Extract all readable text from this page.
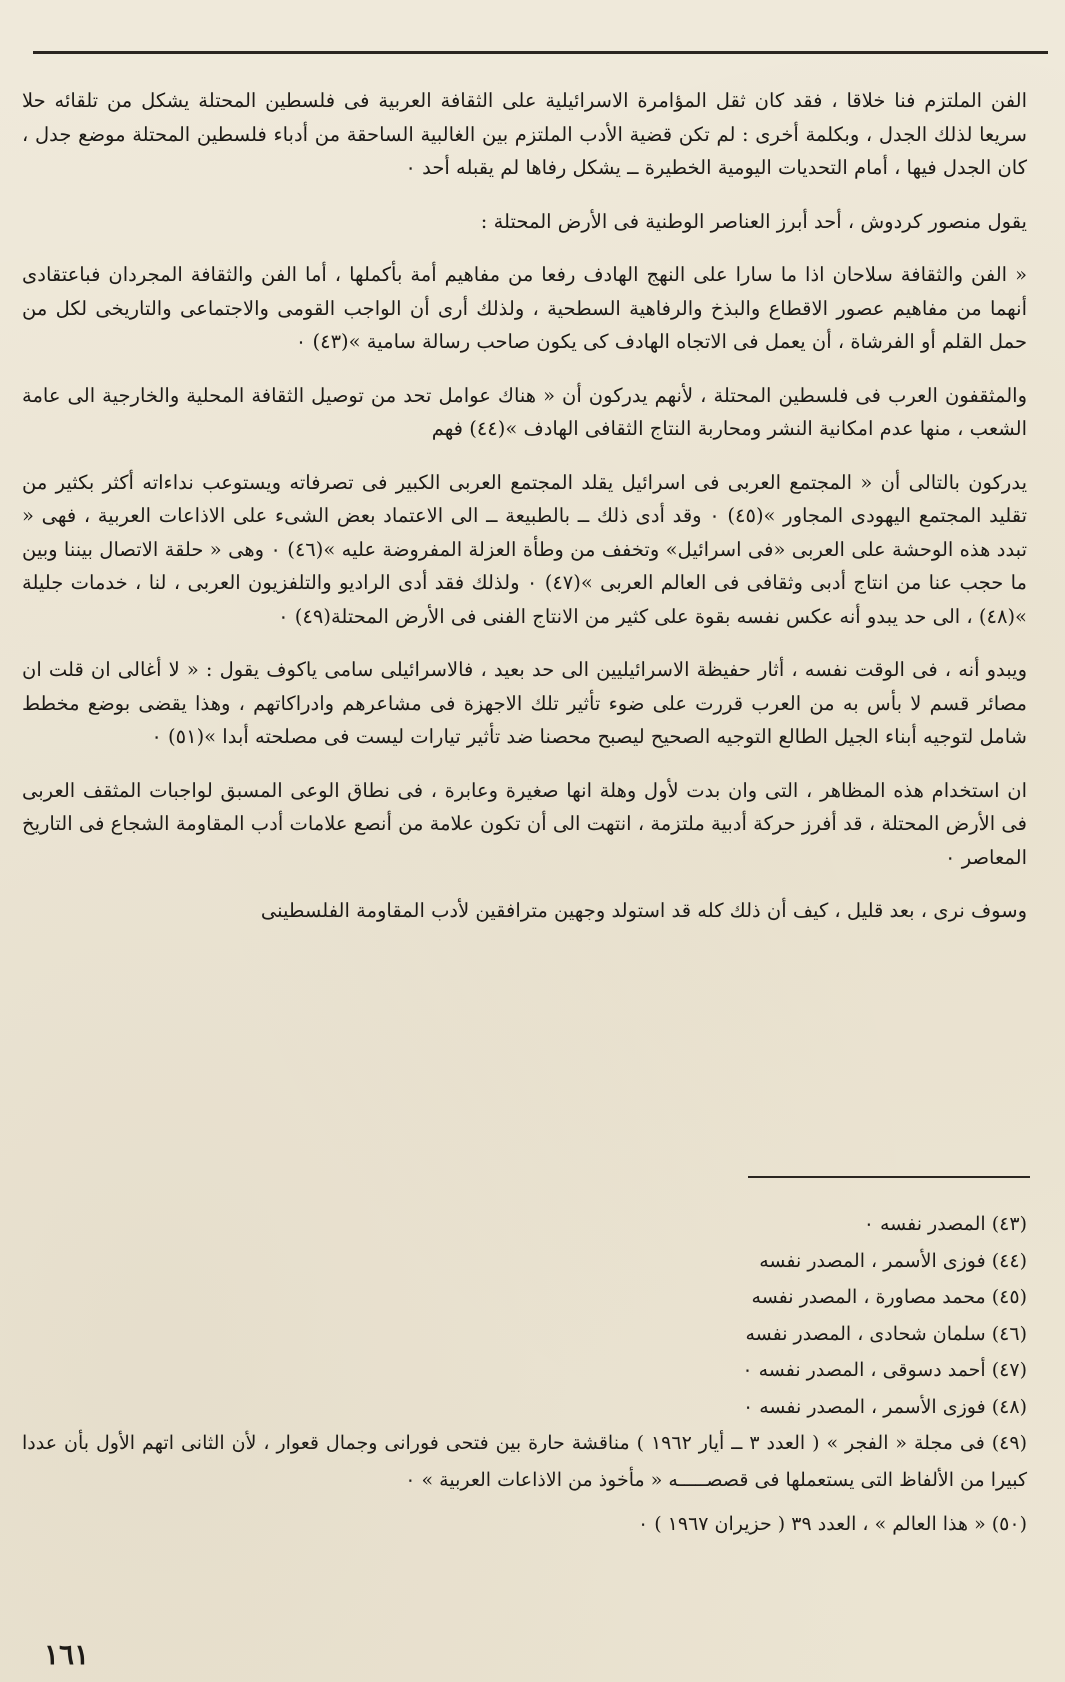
الفن الملتزم فنا خلاقا ، فقد كان ثقل المؤامرة الاسرائيلية على الثقافة العربية فى فلسطين المحتلة يشكل من تلقائه حلا سريعا لذلك الجدل ، وبكلمة أخرى : لم تكن قضية الأدب الملتزم بين الغالبية الساحقة من أدباء فلسطين المحتلة موضع جدل ، كان الجدل فيها ، أمام التحديات اليومية الخطيرة ــ يشكل رفاها لم يقبله أحد ٠

يقول منصور كردوش ، أحد أبرز العناصر الوطنية فى الأرض المحتلة :

« الفن والثقافة سلاحان اذا ما سارا على النهج الهادف رفعا من مفاهيم أمة بأكملها ، أما الفن والثقافة المجردان فباعتقادى أنهما من مفاهيم عصور الاقطاع والبذخ والرفاهية السطحية ، ولذلك أرى أن الواجب القومى والاجتماعى والتاريخى لكل من حمل القلم أو الفرشاة ، أن يعمل فى الاتجاه الهادف كى يكون صاحب رسالة سامية »(٤٣) ٠

والمثقفون العرب فى فلسطين المحتلة ، لأنهم يدركون أن « هناك عوامل تحد من توصيل الثقافة المحلية والخارجية الى عامة الشعب ، منها عدم امكانية النشر ومحاربة النتاج الثقافى الهادف »(٤٤) فهم

يدركون بالتالى أن « المجتمع العربى فى اسرائيل يقلد المجتمع العربى الكبير فى تصرفاته ويستوعب نداءاته أكثر بكثير من تقليد المجتمع اليهودى المجاور »(٤٥) ٠ وقد أدى ذلك ــ بالطبيعة ــ الى الاعتماد بعض الشىء على الاذاعات العربية ، فهى « تبدد هذه الوحشة على العربى «فى اسرائيل» وتخفف من وطأة العزلة المفروضة عليه »(٤٦) ٠ وهى « حلقة الاتصال بيننا وبين ما حجب عنا من انتاج أدبى وثقافى فى العالم العربى »(٤٧) ٠ ولذلك فقد أدى الراديو والتلفزيون العربى ، لنا ، خدمات جليلة »(٤٨) ، الى حد يبدو أنه عكس نفسه بقوة على كثير من الانتاج الفنى فى الأرض المحتلة(٤٩) ٠

ويبدو أنه ، فى الوقت نفسه ، أثار حفيظة الاسرائيليين الى حد بعيد ، فالاسرائيلى سامى ياكوف يقول : « لا أغالى ان قلت ان مصائر قسم لا بأس به من العرب قررت على ضوء تأثير تلك الاجهزة فى مشاعرهم وادراكاتهم ، وهذا يقضى بوضع مخطط شامل لتوجيه أبناء الجيل الطالع التوجيه الصحيح ليصبح محصنا ضد تأثير تيارات ليست فى مصلحته أبدا »(٥١) ٠

ان استخدام هذه المظاهر ، التى وان بدت لأول وهلة انها صغيرة وعابرة ، فى نطاق الوعى المسبق لواجبات المثقف العربى فى الأرض المحتلة ، قد أفرز حركة أدبية ملتزمة ، انتهت الى أن تكون علامة من أنصع علامات أدب المقاومة الشجاع فى التاريخ المعاصر ٠

وسوف نرى ، بعد قليل ، كيف أن ذلك كله قد استولد وجهين مترافقين لأدب المقاومة الفلسطينى

(٤٣) المصدر نفسه ٠

(٤٤) فوزى الأسمر ، المصدر نفسه

(٤٥) محمد مصاورة ، المصدر نفسه

(٤٦) سلمان شحادى ، المصدر نفسه

(٤٧) أحمد دسوقى ، المصدر نفسه ٠

(٤٨) فوزى الأسمر ، المصدر نفسه ٠

(٤٩) فى مجلة « الفجر » ( العدد ٣ ــ أيار ١٩٦٢ ) مناقشة حارة بين فتحى فورانى وجمال قعوار ، لأن الثانى اتهم الأول بأن عددا كبيرا من الألفاظ التى يستعملها فى قصصـــــه « مأخوذ من الاذاعات العربية » ٠

(٥٠) « هذا العالم » ، العدد ٣٩ ( حزيران ١٩٦٧ ) ٠

١٦١
